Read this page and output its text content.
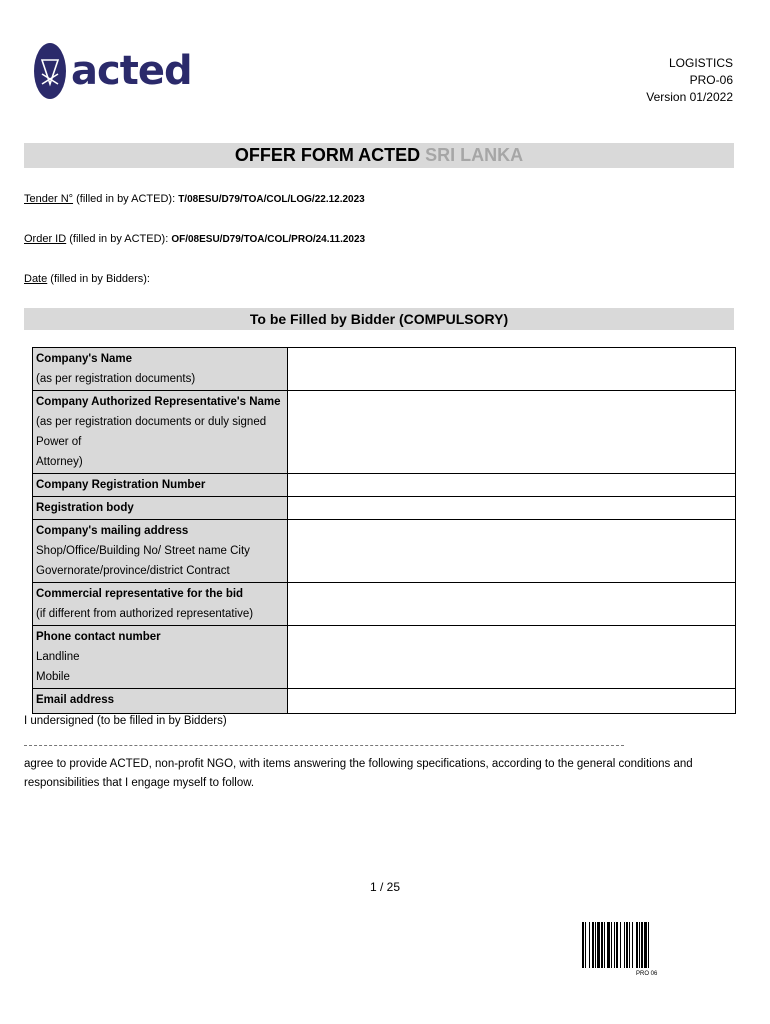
acted	LOGISTICS
PRO-06
Version 01/2022
OFFER FORM ACTED SRI LANKA
Tender N° (filled in by ACTED): T/08ESU/D79/TOA/COL/LOG/22.12.2023
Order ID (filled in by ACTED): OF/08ESU/D79/TOA/COL/PRO/24.11.2023
Date (filled in by Bidders):
To be Filled by Bidder (COMPULSORY)
Company's Name
(as per registration documents)	

Company Authorized Representative's Name
(as per registration documents or duly signed Power of
Attorney)	

Company Registration Number	

Registration body	

Company's mailing address
Shop/Office/Building No/ Street name City
Governorate/province/district Contract	

Commercial representative for the bid
(if different from authorized representative)	

Phone contact number
Landline
Mobile	

Email address	

I undersigned (to be filled in by Bidders)
agree to provide ACTED, non-profit NGO, with items answering the following specifications, according to the general conditions and responsibilities that I engage myself to follow.
1 / 25
PRO 06
